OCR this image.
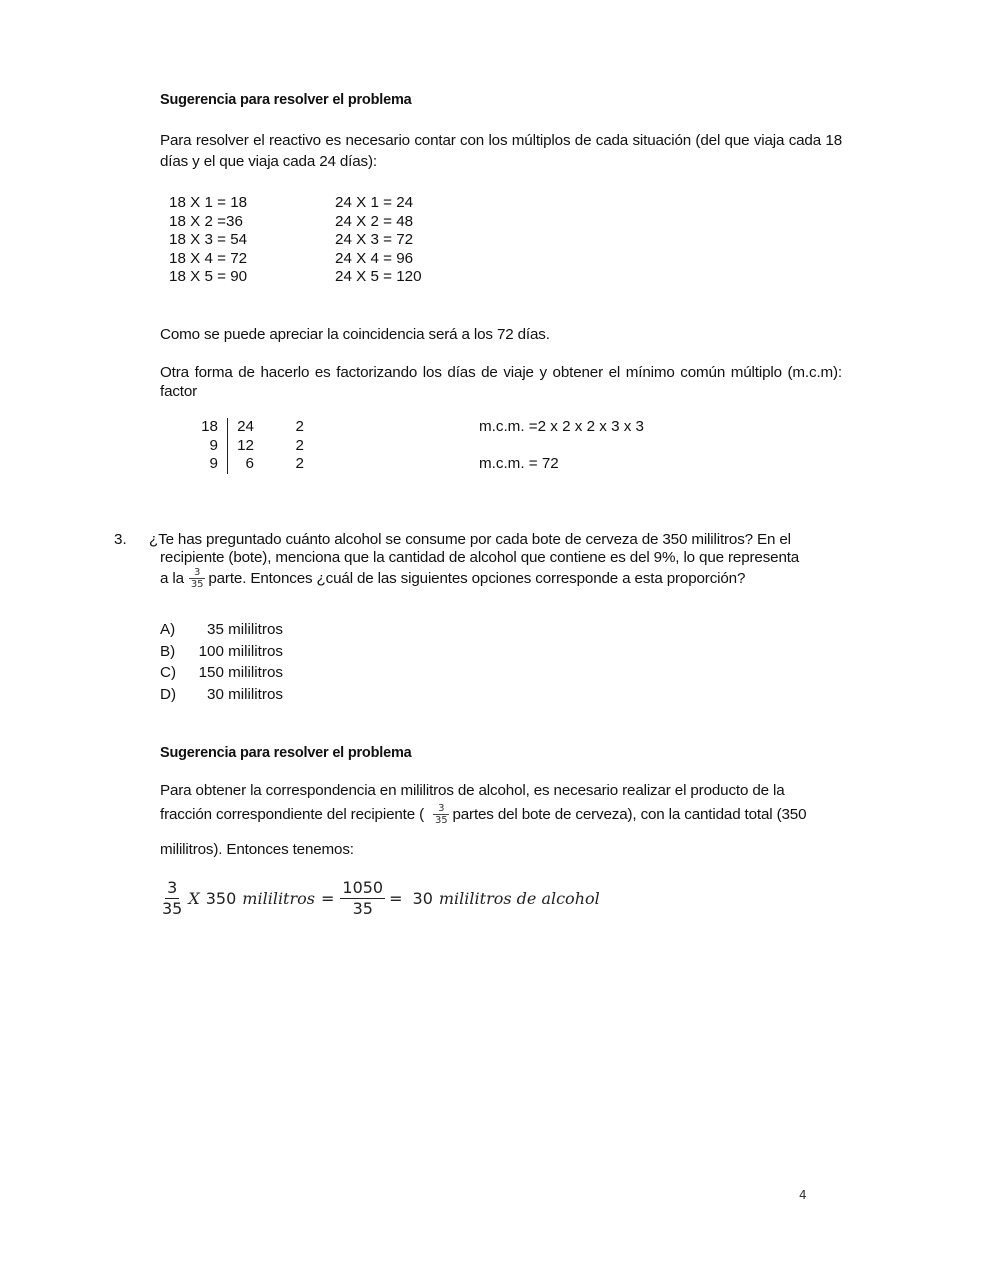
Sugerencia para resolver el problema
Para resolver el reactivo es necesario contar con los múltiplos de cada situación (del que viaja cada 18 días y el que viaja cada 24 días):
18 X 1 = 18
18 X 2 =36
18 X 3 = 54
18 X 4 = 72
18 X 5 = 90
24 X 1 = 24
24 X 2 = 48
24 X 3 = 72
24 X 4 = 96
24 X 5 = 120
Como se puede apreciar la coincidencia será a los 72 días.
Otra forma de hacerlo es factorizando los días de viaje y obtener el mínimo común múltiplo (m.c.m): factor
18
9
9
24
12
6
2
2
2
m.c.m. =2 x 2 x 2 x 3 x 3
m.c.m. = 72
3. ¿Te has preguntado cuánto alcohol se consume por cada bote de cerveza de 350 mililitros? En el
recipiente (bote), menciona que la cantidad de alcohol que contiene es del 9%, lo que representa
a la $\frac{3}{35}$ parte. Entonces ¿cuál de las siguientes opciones corresponde a esta proporción?
A) 35 mililitros
B) 100 mililitros
C) 150 mililitros
D) 30 mililitros
Sugerencia para resolver el problema
Para obtener la correspondencia en mililitros de alcohol, es necesario realizar el producto de la
fracción correspondiente del recipiente ( $\frac{3}{35}$ partes del bote de cerveza), con la cantidad total (350
mililitros). Entonces tenemos:
$\frac{3}{35}$ X 350 mililitros = $\frac{1050}{35} = 30$ mililitros de alcohol
4
